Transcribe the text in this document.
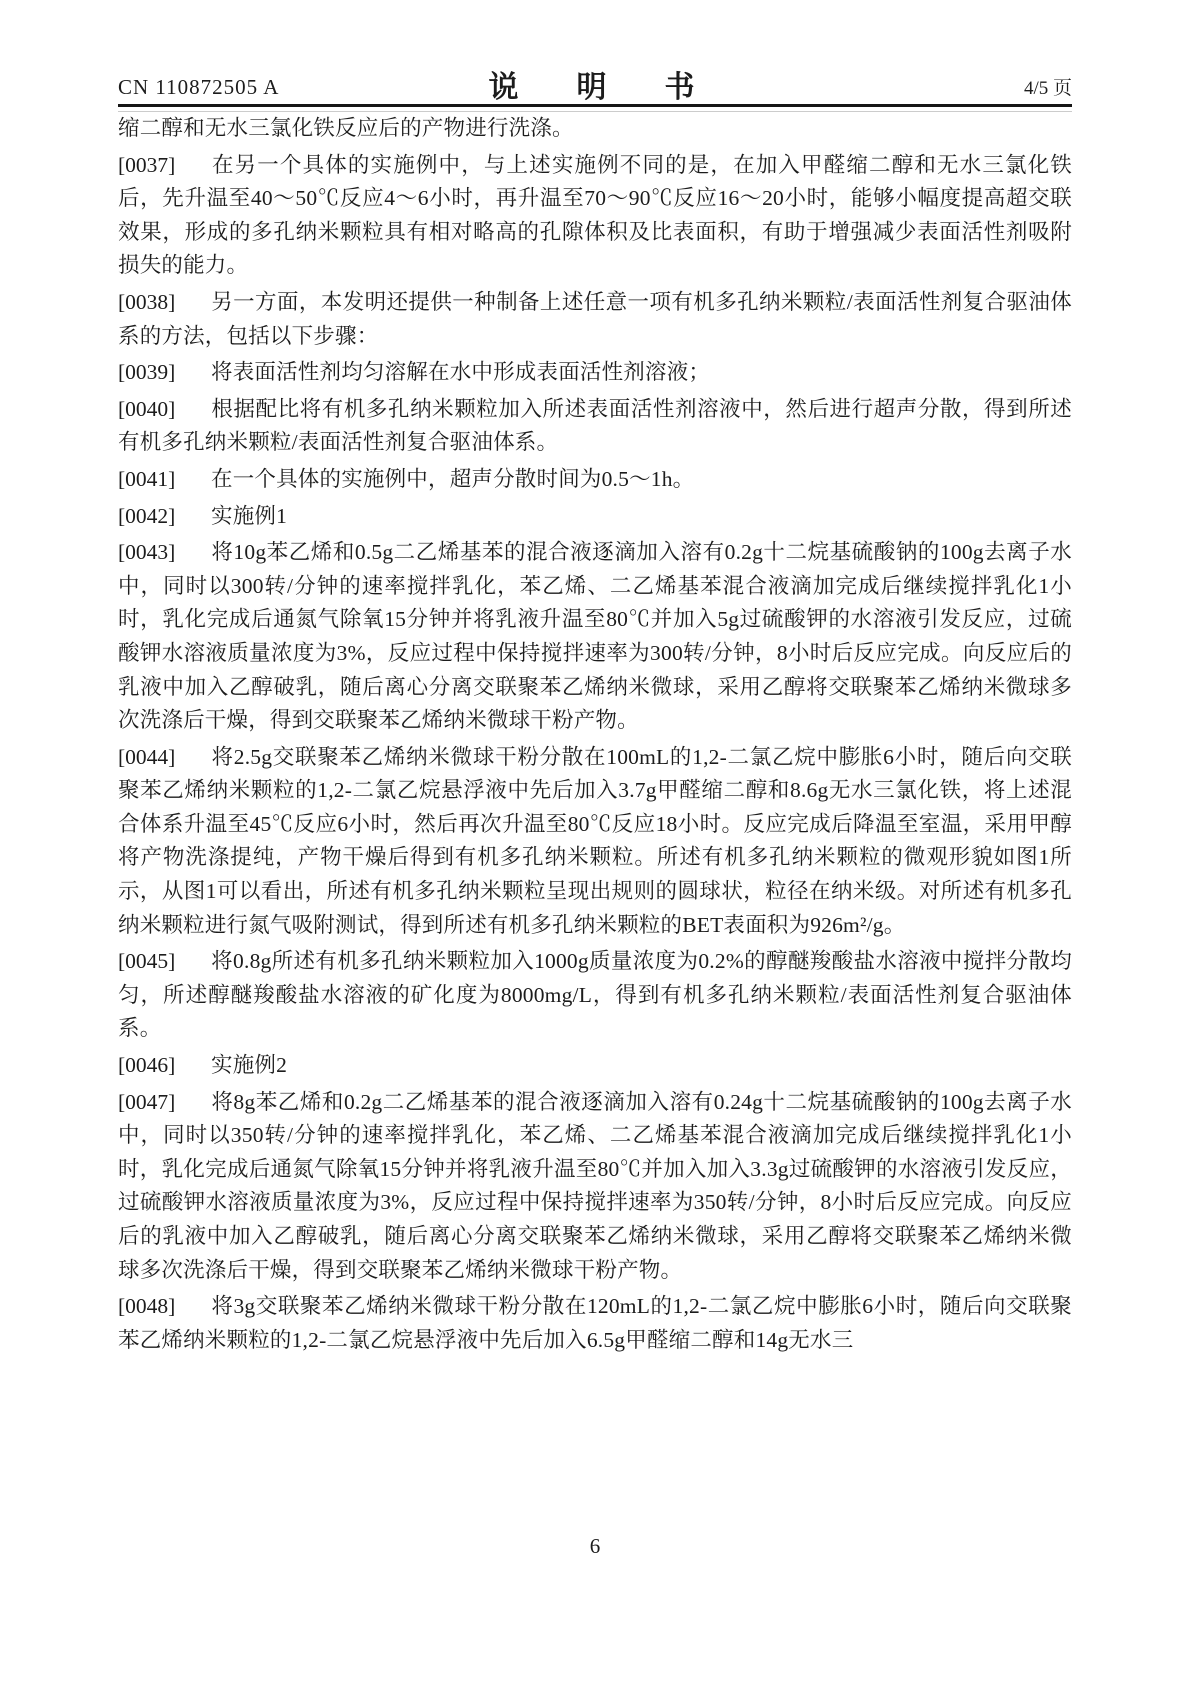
CN 110872505 A	说　明　书	4/5 页

缩二醇和无水三氯化铁反应后的产物进行洗涤。

[0037] 在另一个具体的实施例中，与上述实施例不同的是，在加入甲醛缩二醇和无水三氯化铁后，先升温至40～50℃反应4～6小时，再升温至70～90℃反应16～20小时，能够小幅度提高超交联效果，形成的多孔纳米颗粒具有相对略高的孔隙体积及比表面积，有助于增强减少表面活性剂吸附损失的能力。

[0038] 另一方面，本发明还提供一种制备上述任意一项有机多孔纳米颗粒/表面活性剂复合驱油体系的方法，包括以下步骤：

[0039] 将表面活性剂均匀溶解在水中形成表面活性剂溶液；

[0040] 根据配比将有机多孔纳米颗粒加入所述表面活性剂溶液中，然后进行超声分散，得到所述有机多孔纳米颗粒/表面活性剂复合驱油体系。

[0041] 在一个具体的实施例中，超声分散时间为0.5～1h。

[0042] 实施例1

[0043] 将10g苯乙烯和0.5g二乙烯基苯的混合液逐滴加入溶有0.2g十二烷基硫酸钠的100g去离子水中，同时以300转/分钟的速率搅拌乳化，苯乙烯、二乙烯基苯混合液滴加完成后继续搅拌乳化1小时，乳化完成后通氮气除氧15分钟并将乳液升温至80℃并加入5g过硫酸钾的水溶液引发反应，过硫酸钾水溶液质量浓度为3%，反应过程中保持搅拌速率为300转/分钟，8小时后反应完成。向反应后的乳液中加入乙醇破乳，随后离心分离交联聚苯乙烯纳米微球，采用乙醇将交联聚苯乙烯纳米微球多次洗涤后干燥，得到交联聚苯乙烯纳米微球干粉产物。

[0044] 将2.5g交联聚苯乙烯纳米微球干粉分散在100mL的1,2-二氯乙烷中膨胀6小时，随后向交联聚苯乙烯纳米颗粒的1,2-二氯乙烷悬浮液中先后加入3.7g甲醛缩二醇和8.6g无水三氯化铁，将上述混合体系升温至45℃反应6小时，然后再次升温至80℃反应18小时。反应完成后降温至室温，采用甲醇将产物洗涤提纯，产物干燥后得到有机多孔纳米颗粒。所述有机多孔纳米颗粒的微观形貌如图1所示，从图1可以看出，所述有机多孔纳米颗粒呈现出规则的圆球状，粒径在纳米级。对所述有机多孔纳米颗粒进行氮气吸附测试，得到所述有机多孔纳米颗粒的BET表面积为926m²/g。

[0045] 将0.8g所述有机多孔纳米颗粒加入1000g质量浓度为0.2%的醇醚羧酸盐水溶液中搅拌分散均匀，所述醇醚羧酸盐水溶液的矿化度为8000mg/L，得到有机多孔纳米颗粒/表面活性剂复合驱油体系。

[0046] 实施例2

[0047] 将8g苯乙烯和0.2g二乙烯基苯的混合液逐滴加入溶有0.24g十二烷基硫酸钠的100g去离子水中，同时以350转/分钟的速率搅拌乳化，苯乙烯、二乙烯基苯混合液滴加完成后继续搅拌乳化1小时，乳化完成后通氮气除氧15分钟并将乳液升温至80℃并加入加入3.3g过硫酸钾的水溶液引发反应，过硫酸钾水溶液质量浓度为3%，反应过程中保持搅拌速率为350转/分钟，8小时后反应完成。向反应后的乳液中加入乙醇破乳，随后离心分离交联聚苯乙烯纳米微球，采用乙醇将交联聚苯乙烯纳米微球多次洗涤后干燥，得到交联聚苯乙烯纳米微球干粉产物。

[0048] 将3g交联聚苯乙烯纳米微球干粉分散在120mL的1,2-二氯乙烷中膨胀6小时，随后向交联聚苯乙烯纳米颗粒的1,2-二氯乙烷悬浮液中先后加入6.5g甲醛缩二醇和14g无水三

6
